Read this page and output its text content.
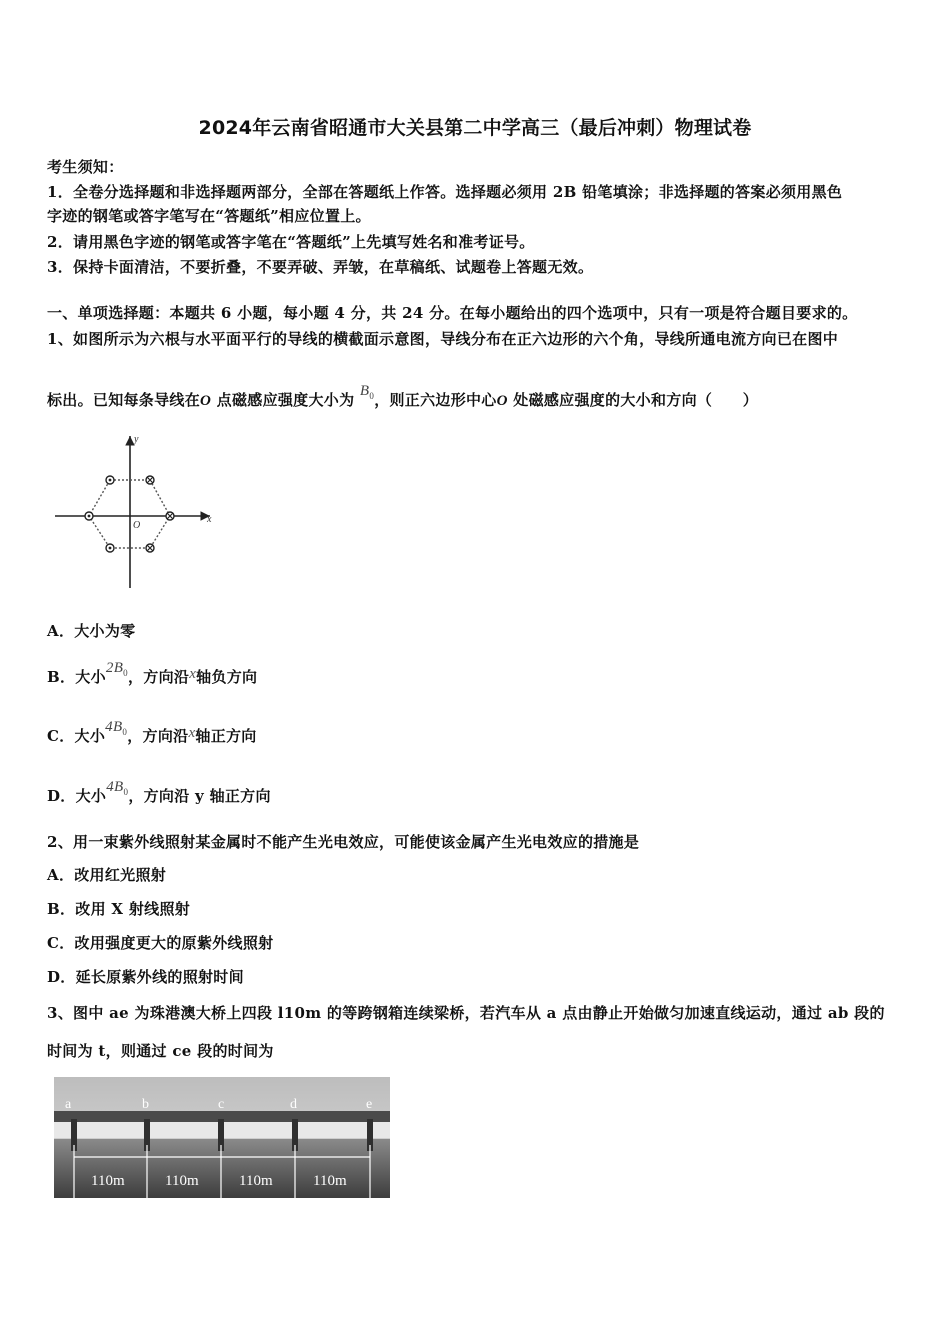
2024年云南省昭通市大关县第二中学高三（最后冲刺）物理试卷
考生须知：
1．全卷分选择题和非选择题两部分，全部在答题纸上作答。选择题必须用 2B 铅笔填涂；非选择题的答案必须用黑色
字迹的钢笔或答字笔写在“答题纸”相应位置上。
2．请用黑色字迹的钢笔或答字笔在“答题纸”上先填写姓名和准考证号。
3．保持卡面清洁，不要折叠，不要弄破、弄皱，在草稿纸、试题卷上答题无效。
一、单项选择题：本题共 6 小题，每小题 4 分，共 24 分。在每小题给出的四个选项中，只有一项是符合题目要求的。
1、如图所示为六根与水平面平行的导线的横截面示意图，导线分布在正六边形的六个角，导线所通电流方向已在图中
标出。已知每条导线在O 点磁感应强度大小为 $B_0$，则正六边形中心O 处磁感应强度的大小和方向（　　）
y
x
O
A．大小为零
B．大小$2B_0$，方向沿x轴负方向
C．大小$4B_0$，方向沿x轴正方向
D．大小$4B_0$，方向沿 y 轴正方向
2、用一束紫外线照射某金属时不能产生光电效应，可能使该金属产生光电效应的措施是
A．改用红光照射
B．改用 X 射线照射
C．改用强度更大的原紫外线照射
D．延长原紫外线的照射时间
3、图中 ae 为珠港澳大桥上四段 l10m 的等跨钢箱连续梁桥，若汽车从 a 点由静止开始做匀加速直线运动，通过 ab 段的
时间为 t，则通过 ce 段的时间为
a	b	c	d	e
110m	110m	110m	110m
